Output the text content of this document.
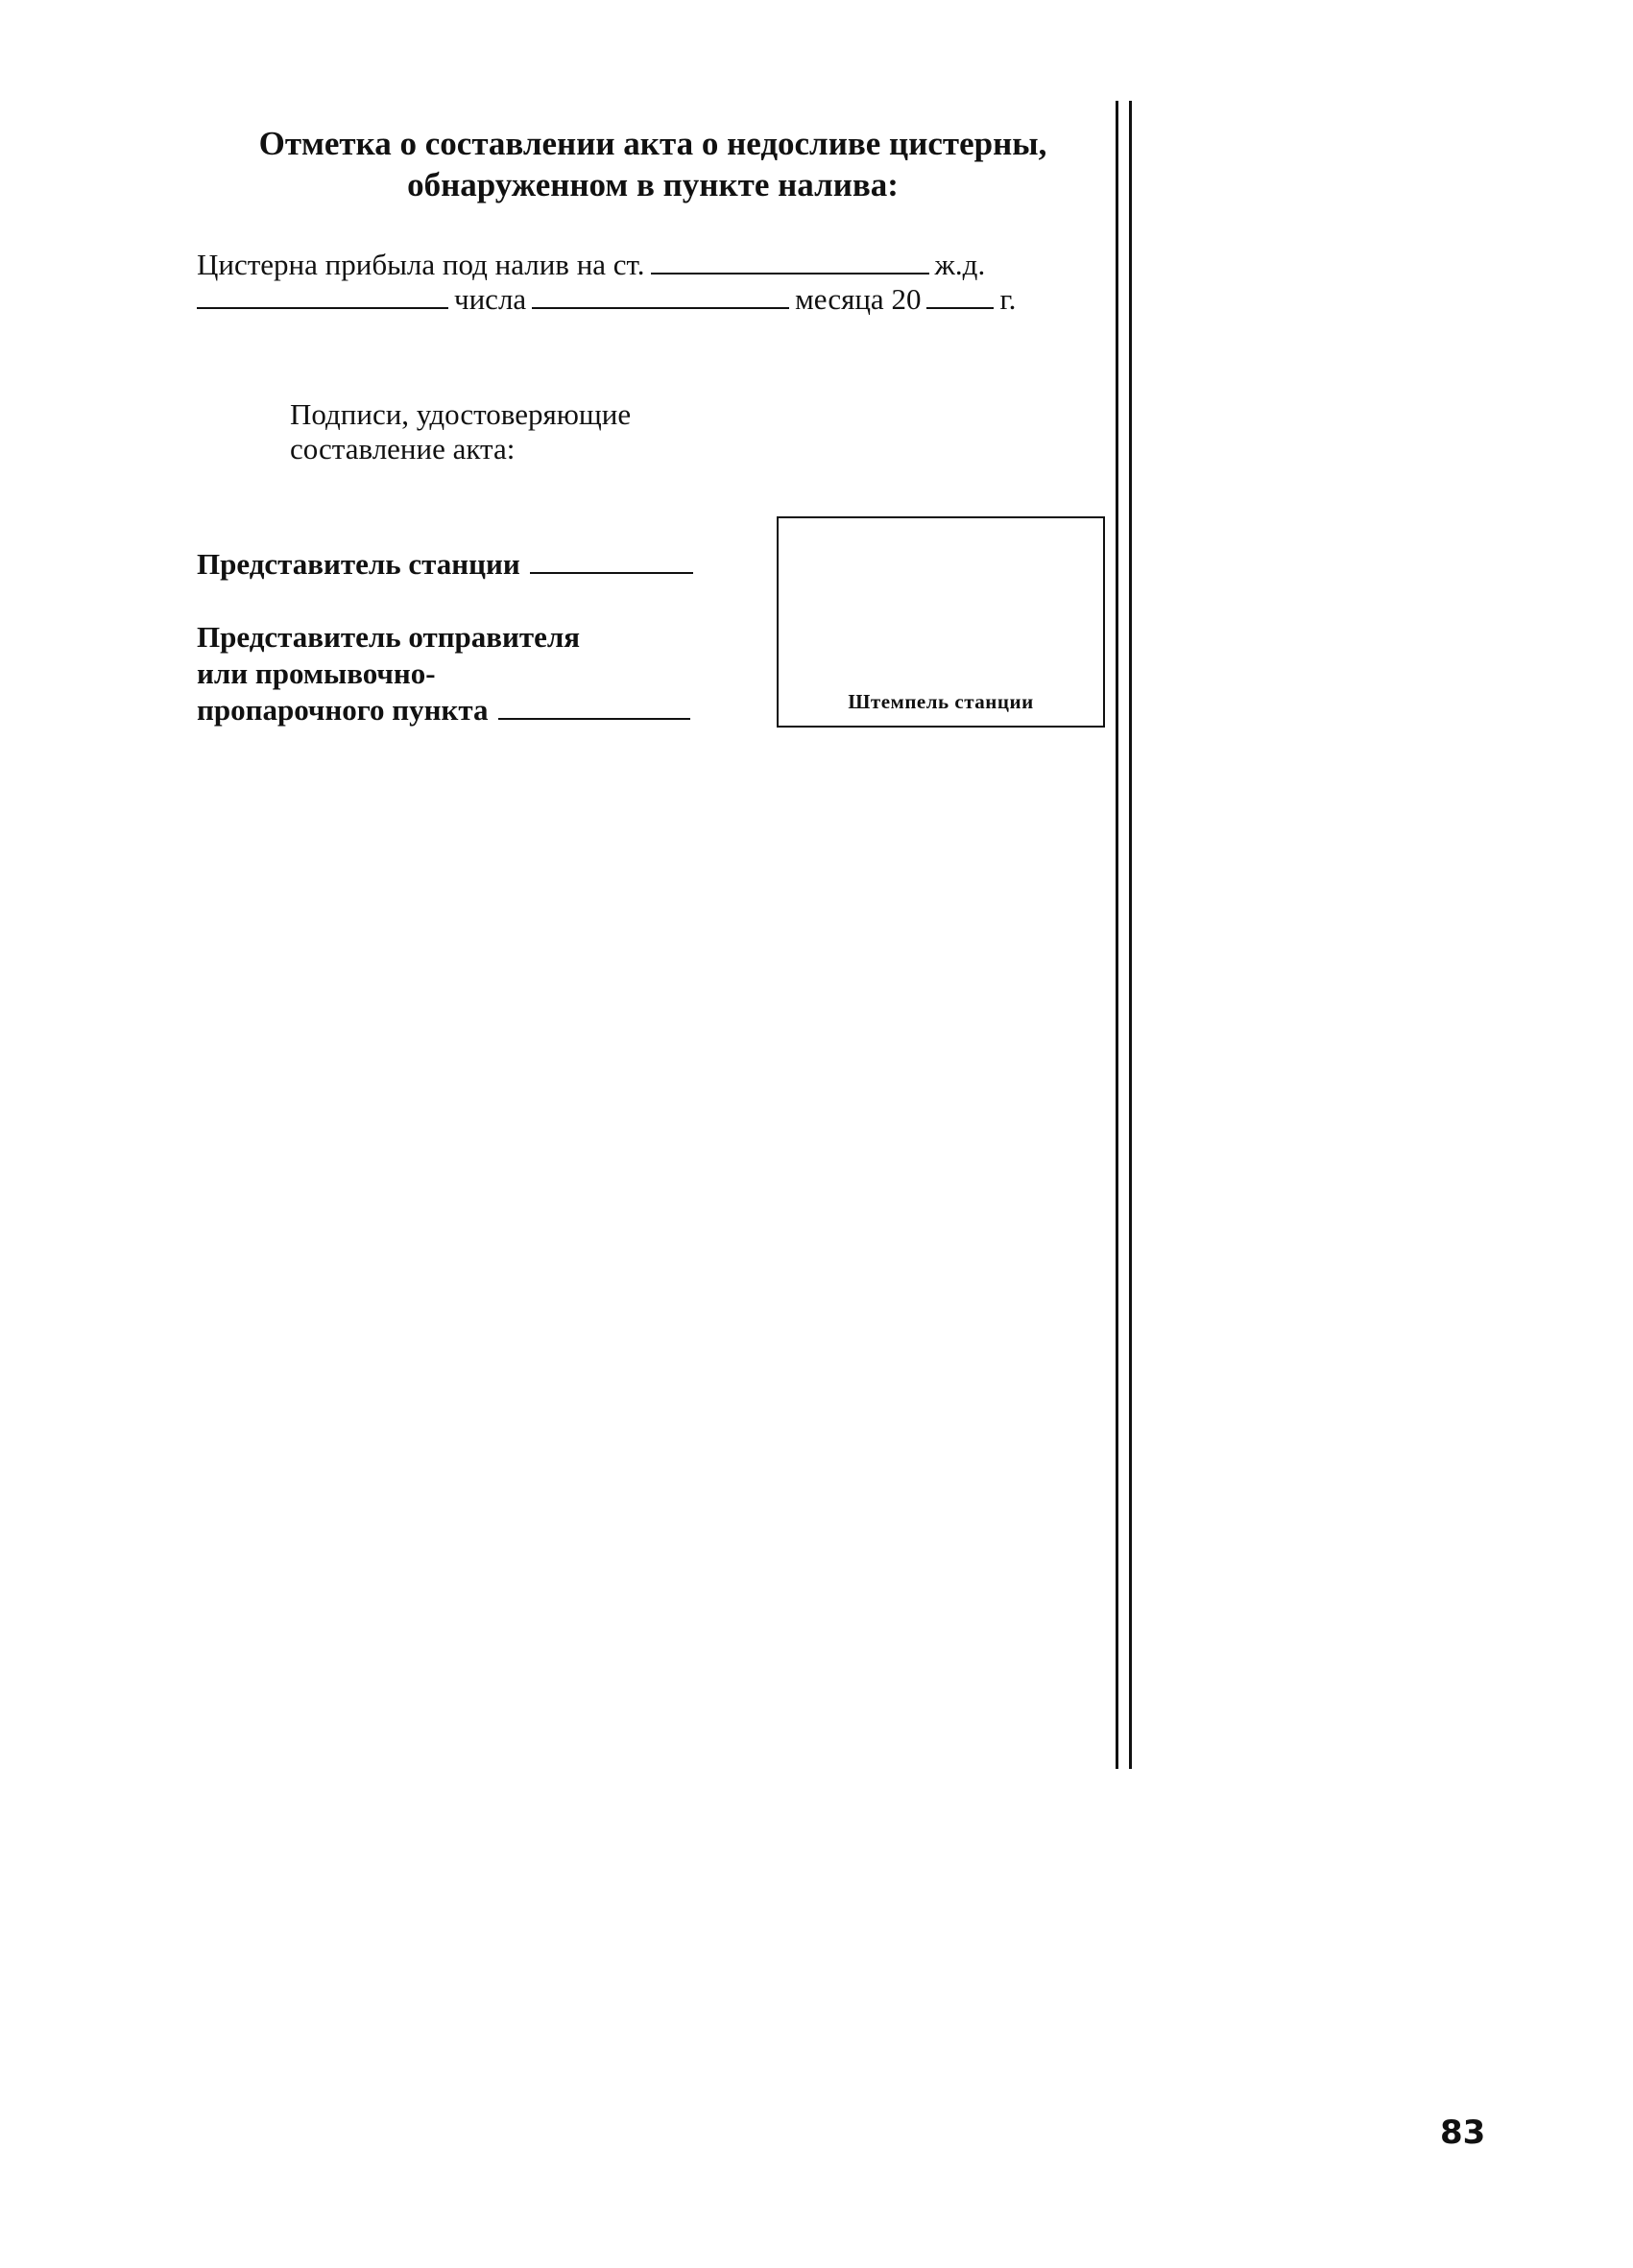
Отметка о составлении акта о недосливе цистерны,
обнаруженном в пункте налива:
Цистерна прибыла под налив на ст.	ж.д.
числа	месяца 20	г.
Подписи, удостоверяющие
составление акта:
Представитель станции
Представитель отправителя
или промывочно-
пропарочного пункта	Штемпель станции
83
